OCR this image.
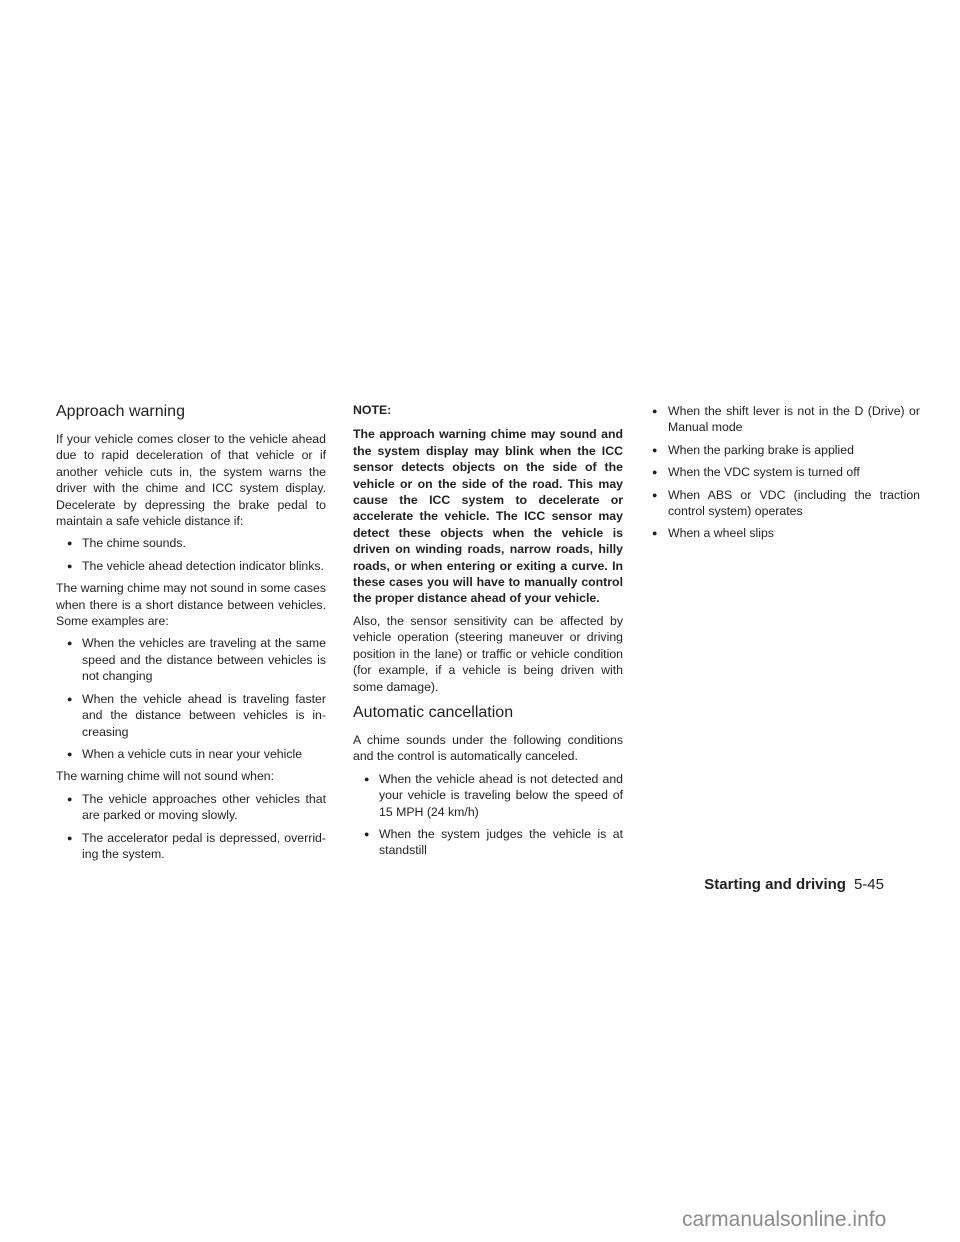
Approach warning

If your vehicle comes closer to the vehicle ahead due to rapid deceleration of that vehicle or if another vehicle cuts in, the system warns the driver with the chime and ICC system display. Decelerate by depressing the brake pedal to maintain a safe vehicle distance if:

● The chime sounds.
● The vehicle ahead detection indicator blinks.

The warning chime may not sound in some cases when there is a short distance between vehicles. Some examples are:

● When the vehicles are traveling at the same speed and the distance between vehicles is not changing
● When the vehicle ahead is traveling faster and the distance between vehicles is in-creasing
● When a vehicle cuts in near your vehicle

The warning chime will not sound when:

● The vehicle approaches other vehicles that are parked or moving slowly.
● The accelerator pedal is depressed, overrid-ing the system.

NOTE:

The approach warning chime may sound and the system display may blink when the ICC sensor detects objects on the side of the vehicle or on the side of the road. This may cause the ICC system to decelerate or accelerate the vehicle. The ICC sensor may detect these objects when the vehicle is driven on winding roads, narrow roads, hilly roads, or when entering or exiting a curve. In these cases you will have to manually control the proper distance ahead of your vehicle.

Also, the sensor sensitivity can be affected by vehicle operation (steering maneuver or driving position in the lane) or traffic or vehicle condition (for example, if a vehicle is being driven with some damage).

Automatic cancellation

A chime sounds under the following conditions and the control is automatically canceled.

● When the vehicle ahead is not detected and your vehicle is traveling below the speed of 15 MPH (24 km/h)
● When the system judges the vehicle is at standstill
● When the shift lever is not in the D (Drive) or Manual mode
● When the parking brake is applied
● When the VDC system is turned off
● When ABS or VDC (including the traction control system) operates
● When a wheel slips
Starting and driving 5-45
carmanualsonline.info
